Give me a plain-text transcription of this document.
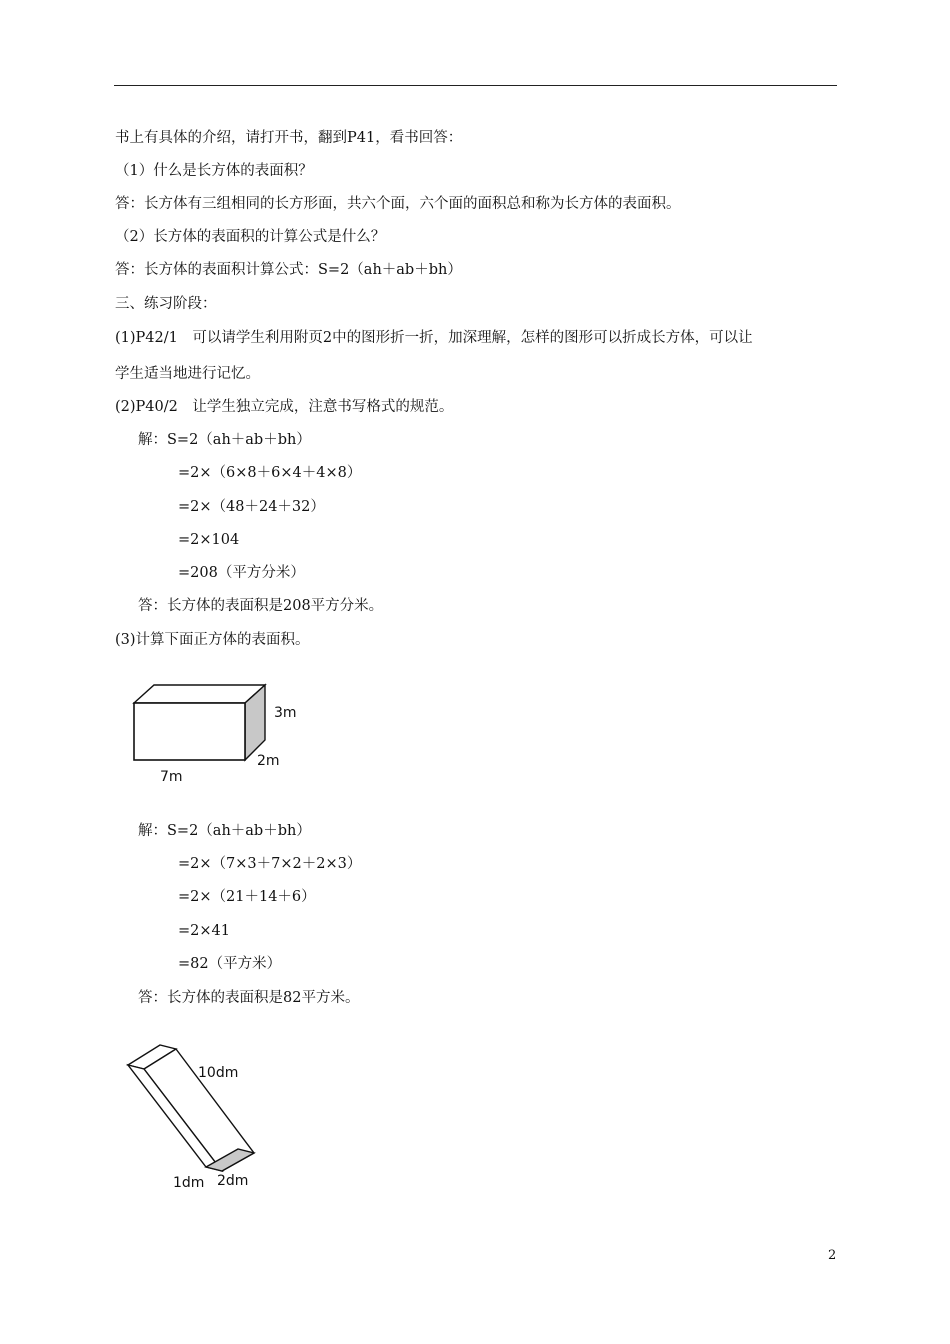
书上有具体的介绍，请打开书，翻到P41，看书回答：
（1）什么是长方体的表面积？
答：长方体有三组相同的长方形面，共六个面，六个面的面积总和称为长方体的表面积。
（2）长方体的表面积的计算公式是什么？
答：长方体的表面积计算公式：S=2（ah＋ab＋bh）
三、练习阶段：
(1)P42/1　可以请学生利用附页2中的图形折一折，加深理解，怎样的图形可以折成长方体，可以让
学生适当地进行记忆。
(2)P40/2　让学生独立完成，注意书写格式的规范。
解：S=2（ah＋ab＋bh）
=2×（6×8＋6×4＋4×8）
=2×（48＋24＋32）
=2×104
=208（平方分米）
答：长方体的表面积是208平方分米。
(3)计算下面正方体的表面积。
3m
2m
7m
解：S=2（ah＋ab＋bh）
=2×（7×3＋7×2＋2×3）
=2×（21＋14＋6）
=2×41
=82（平方米）
答：长方体的表面积是82平方米。
10dm
1dm 2dm
2
